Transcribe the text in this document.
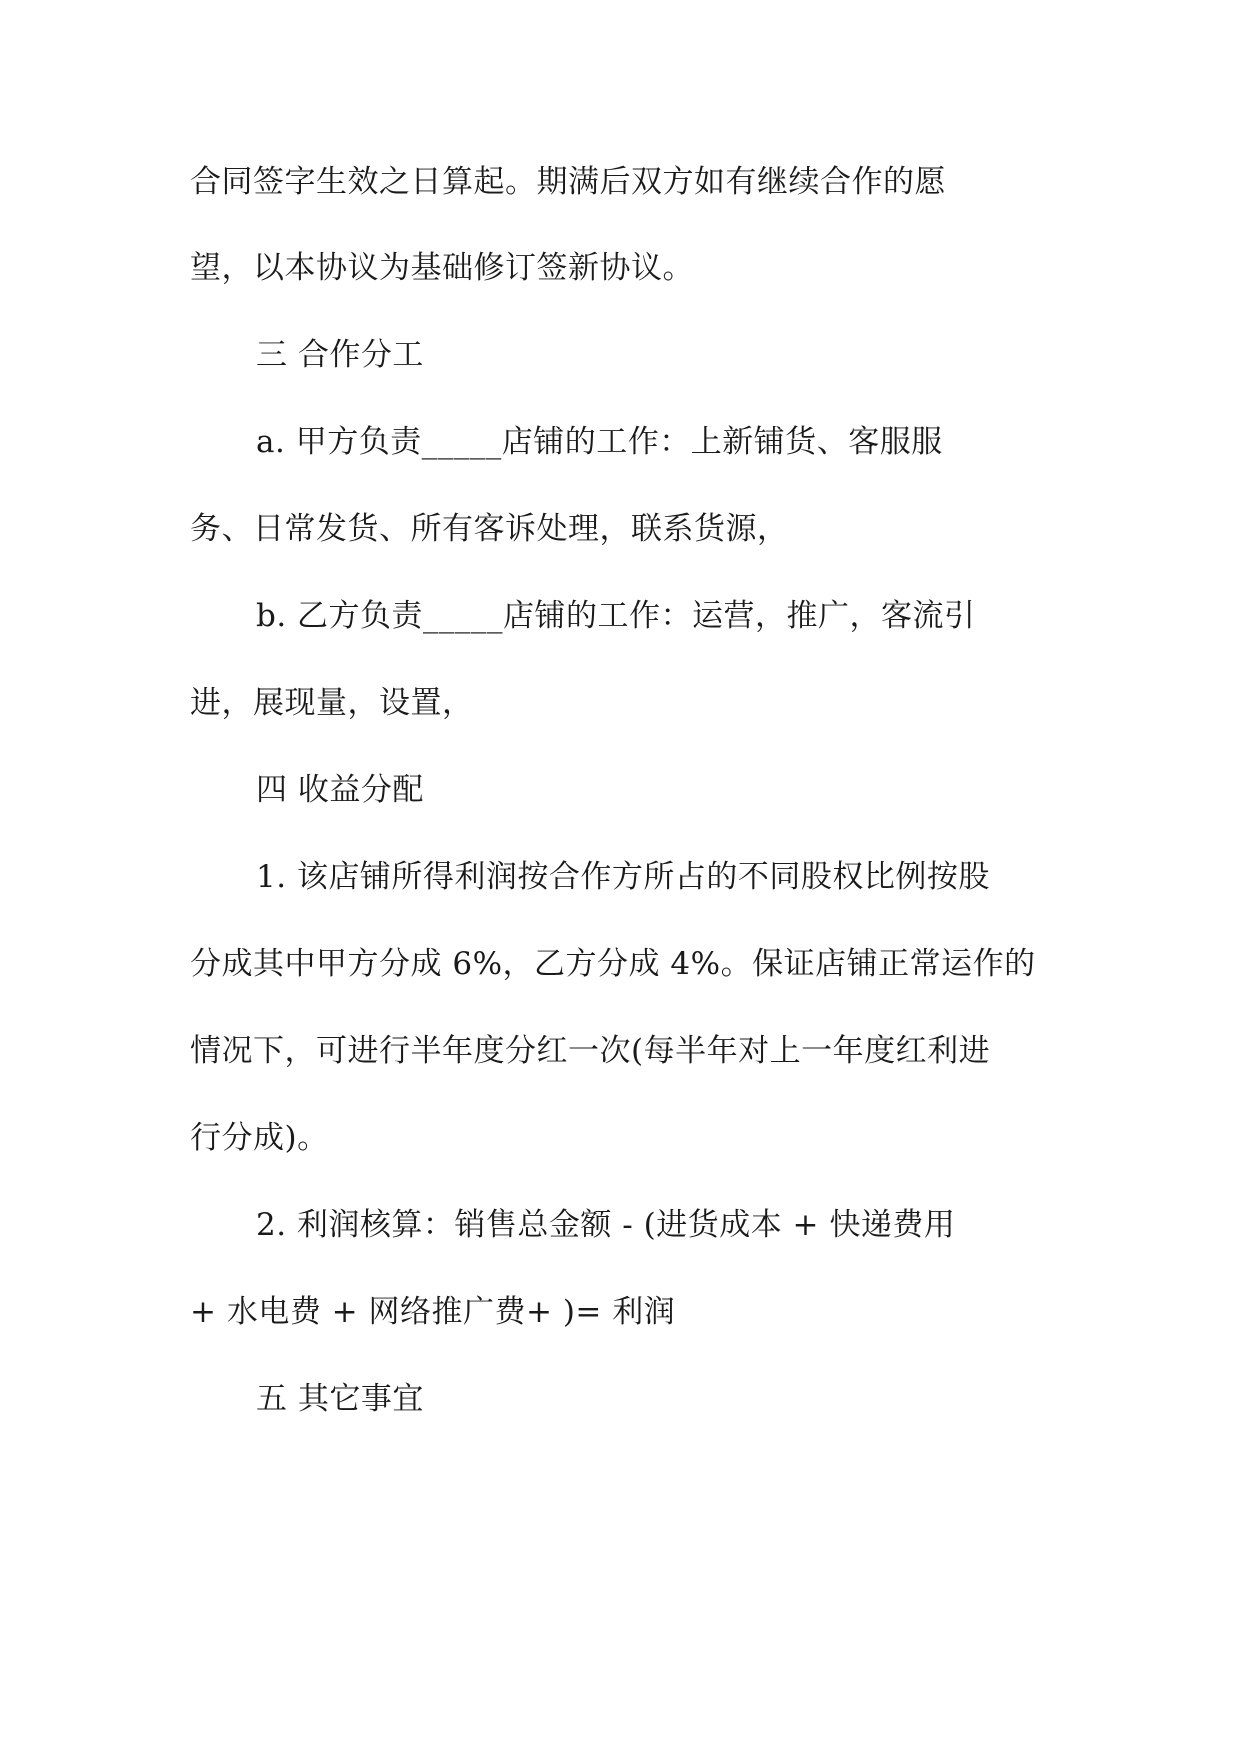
合同签字生效之日算起。期满后双方如有继续合作的愿
望，以本协议为基础修订签新协议。
三 合作分工
a. 甲方负责_____店铺的工作：上新铺货、客服服
务、日常发货、所有客诉处理，联系货源，
b. 乙方负责_____店铺的工作：运营，推广，客流引
进，展现量，设置，
四 收益分配
1. 该店铺所得利润按合作方所占的不同股权比例按股
分成其中甲方分成 6%，乙方分成 4%。保证店铺正常运作的
情况下，可进行半年度分红一次(每半年对上一年度红利进
行分成)。
2. 利润核算：销售总金额 - (进货成本 + 快递费用
+ 水电费 + 网络推广费+ )= 利润
五 其它事宜
